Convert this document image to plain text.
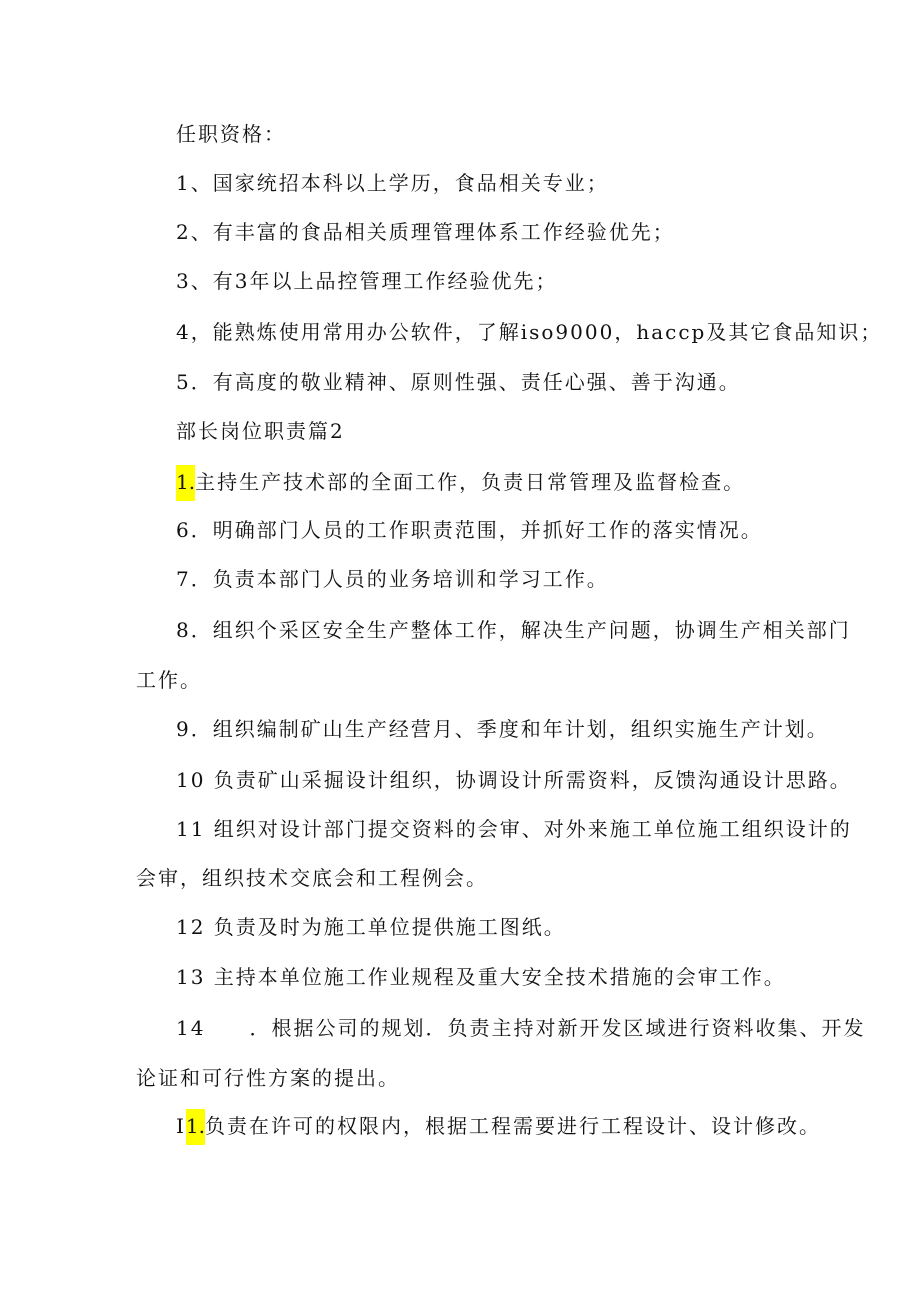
任职资格：
1、国家统招本科以上学历，食品相关专业；
2、有丰富的食品相关质理管理体系工作经验优先；
3、有3年以上品控管理工作经验优先；
4，能熟炼使用常用办公软件，了解iso9000，haccp及其它食品知识；
5．有高度的敬业精神、原则性强、责任心强、善于沟通。
部长岗位职责篇2
1.主持生产技术部的全面工作，负责日常管理及监督检查。
6．明确部门人员的工作职责范围，并抓好工作的落实情况。
7．负责本部门人员的业务培训和学习工作。
8．组织个采区安全生产整体工作，解决生产问题，协调生产相关部门
工作。
9．组织编制矿山生产经营月、季度和年计划，组织实施生产计划。
10 负责矿山采掘设计组织，协调设计所需资料，反馈沟通设计思路。
11 组织对设计部门提交资料的会审、对外来施工单位施工组织设计的
会审，组织技术交底会和工程例会。
12 负责及时为施工单位提供施工图纸。
13 主持本单位施工作业规程及重大安全技术措施的会审工作。
14　　．根据公司的规划．负责主持对新开发区域进行资料收集、开发
论证和可行性方案的提出。
I1.负责在许可的权限内，根据工程需要进行工程设计、设计修改。
